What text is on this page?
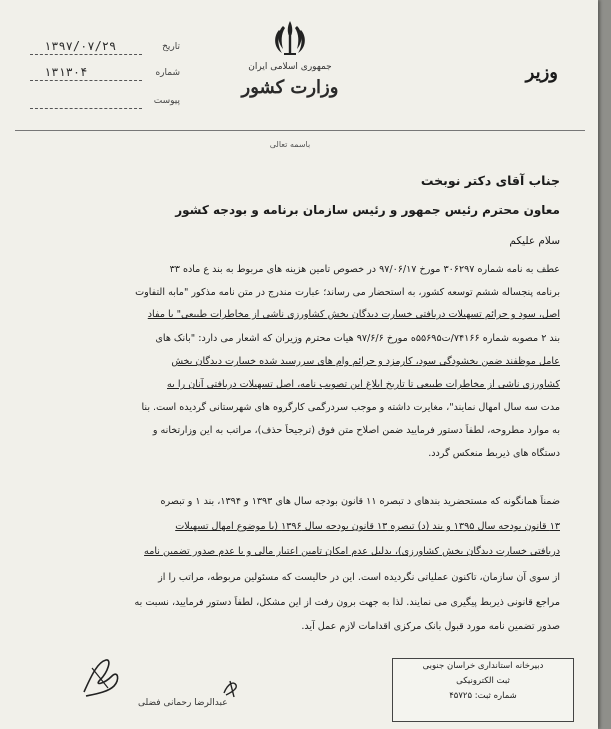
تاریخ
۱۳۹۷/۰۷/۲۹
شماره
۱۳۱۳۰۴
پیوست
جمهوری اسلامی ایران
وزارت کشور
وزیر
باسمه تعالی
جناب آقای دکتر نوبخت
معاون محترم رئیس جمهور و رئیس سازمان برنامه و بودجه کشور
سلام علیکم
عطف به نامه شماره ۳۰۶۲۹۷ مورخ ۹۷/۰۶/۱۷ در خصوص تامین هزینه های مربوط به بند ع ماده ۳۳
برنامه پنجساله ششم توسعه کشور، به استحضار می رساند؛ عبارت مندرج در متن نامه مذکور "مابه التفاوت
اصل، سود و جرائم تسهیلات دریافتی خسارت دیدگان بخش کشاورزی ناشی از مخاطرات طبیعی" با مفاد
بند ۲ مصوبه شماره ۷۴۱۶۶/ت۵۵۶۹۵ه مورخ ۹۷/۶/۶ هیات محترم وزیران که اشعار می دارد: "بانک های
عامل موظفند ضمن بخشودگی سود، کارمزد و جرائم وام های سررسید شده خسارت دیدگان بخش
کشاورزی ناشی از مخاطرات طبیعی تا تاریخ ابلاغ این تصویب نامه، اصل تسهیلات دریافتی آنان را به
مدت سه سال امهال نمایند"، مغایرت داشته و موجب سردرگمی کارگروه های شهرستانی گردیده است. بنا
به موارد مطروحه، لطفاً دستور فرمایید ضمن اصلاح متن فوق (ترجیحاً حذف)، مراتب به این وزارتخانه و
دستگاه های ذیربط منعکس گردد.
ضمناً همانگونه که مستحضرید بندهای د تبصره ۱۱ قانون بودجه سال های ۱۳۹۳ و ۱۳۹۴، بند ۱ و تبصره
۱۳ قانون بودجه سال ۱۳۹۵ و بند (د) تبصره ۱۳ قانون بودجه سال ۱۳۹۶ (با موضوع امهال تسهیلات
دریافتی خسارت دیدگان بخش کشاورزی)، بدلیل عدم امکان تامین اعتبار مالی و یا عدم صدور تضمین نامه
از سوی آن سازمان، تاکنون عملیاتی نگردیده است. این در حالیست که مسئولین مربوطه، مراتب را از
مراجع قانونی ذیربط پیگیری می نمایند. لذا به جهت برون رفت از این مشکل، لطفاً دستور فرمایید، نسبت به
صدور تضمین نامه مورد قبول بانک مرکزی اقدامات لازم عمل آید.
عبدالرضا رحمانی فضلی
دبیرخانه استانداری خراسان جنوبی
ثبت الکترونیکی
شماره ثبت: ۴۵۷۲۵
